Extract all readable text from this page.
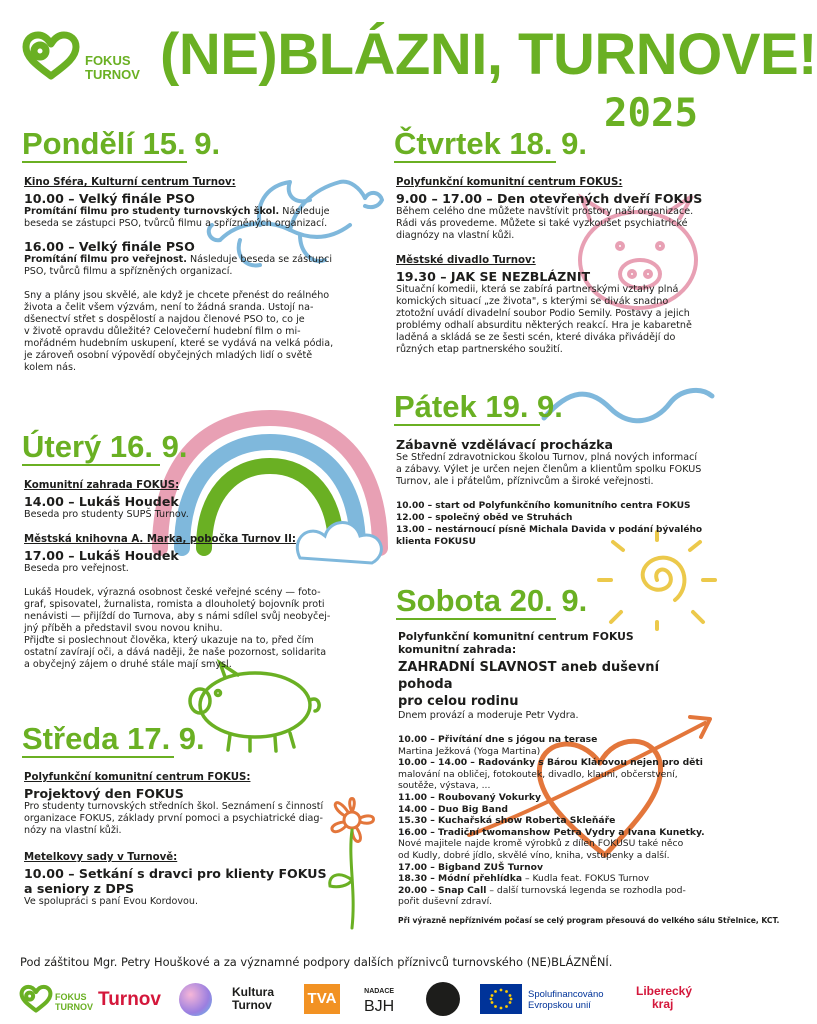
FOKUS
TURNOV (NE)BLÁZNI, TURNOVE!
2025
Pondělí 15. 9.
Kino Sféra, Kulturní centrum Turnov:
10.00 – Velký finále PSO
Promítání filmu pro studenty turnovských škol. Následuje
beseda se zástupci PSO, tvůrců filmu a spřízněných organizací.
16.00 – Velký finále PSO
Promítání filmu pro veřejnost. Následuje beseda se zástupci
PSO, tvůrců filmu a spřízněných organizací.
Sny a plány jsou skvělé, ale když je chcete přenést do reálného
života a čelit všem výzvám, není to žádná sranda. Ustojí na-
dšenectví střet s dospělostí a najdou členové PSO to, co je
v životě opravdu důležité? Celovečerní hudební film o mi-
mořádném hudebním uskupení, které se vydává na velká pódia,
je zároveň osobní výpovědí obyčejných mladých lidí o světě
kolem nás.
Úterý 16. 9.
Komunitní zahrada FOKUS:
14.00 – Lukáš Houdek
Beseda pro studenty SUPŠ Turnov.
Městská knihovna A. Marka, pobočka Turnov II:
17.00 – Lukáš Houdek
Beseda pro veřejnost.
Lukáš Houdek, výrazná osobnost české veřejné scény — foto-
graf, spisovatel, žurnalista, romista a dlouholetý bojovník proti
nenávisti — přijíždí do Turnova, aby s námi sdílel svůj neobyčej-
jný příběh a představil svou novou knihu.
Přijďte si poslechnout člověka, který ukazuje na to, před čím
ostatní zavírají oči, a dává naději, že naše pozornost, solidarita
a obyčejný zájem o druhé stále mají smysl.
Středa 17. 9.
Polyfunkční komunitní centrum FOKUS:
Projektový den FOKUS
Pro studenty turnovských středních škol. Seznámení s činností
organizace FOKUS, základy první pomoci a psychiatrické diag-
nózy na vlastní kůži.
Metelkovy sady v Turnově:
10.00 – Setkání s dravci pro klienty FOKUS
a seniory z DPS
Ve spolupráci s paní Evou Kordovou.
Čtvrtek 18. 9.
Polyfunkční komunitní centrum FOKUS:
9.00 – 17.00 – Den otevřených dveří FOKUS
Během celého dne můžete navštívit prostory naší organizace.
Rádi vás provedeme. Můžete si také vyzkoušet psychiatrické
diagnózy na vlastní kůži.
Městské divadlo Turnov:
19.30 – JAK SE NEZBLÁZNIT
Situační komedii, která se zabírá partnerskými vztahy plná
komických situací „ze života", s kterými se divák snadno
ztotožní uvádí divadelní soubor Podio Semily. Postavy a jejich
problémy odhalí absurditu některých reakcí. Hra je kabaretně
laděná a skládá se ze šesti scén, které diváka přivádějí do
různých etap partnerského soužití.
Pátek 19. 9.
Zábavně vzdělávací procházka
Se Střední zdravotnickou školou Turnov, plná nových informací
a zábavy. Výlet je určen nejen členům a klientům spolku FOKUS
Turnov, ale i přátelům, příznivcům a široké veřejnosti.
10.00 – start od Polyfunkčního komunitního centra FOKUS
12.00 – společný oběd ve Struhách
13.00 – nestárnoucí písně Michala Davida v podání bývalého
klienta FOKUSU
Sobota 20. 9.
Polyfunkční komunitní centrum FOKUS
komunitní zahrada:
ZAHRADNÍ SLAVNOST aneb duševní pohoda
pro celou rodinu
Dnem provází a moderuje Petr Vydra.
10.00 – Přivítání dne s jógou na terase
Martina Ježková (Yoga Martina)
10.00 – 14.00 – Radovánky s Bárou Klárovou nejen pro děti
malování na obličej, fotokoutek, divadlo, klauni, občerstvení,
soutěže, výstava, ...
11.00 – Roubovaný Vokurky
14.00 – Duo Big Band
15.30 – Kuchařská show Roberta Skleňáře
16.00 – Tradiční twomanshow Petra Vydry a Ivana Kunetky.
Nové majitele najde kromě výrobků z dílen FOKUSU také něco
od Kudly, dobré jídlo, skvělé víno, kniha, vstupenky a další.
17.00 – Bigband ZUŠ Turnov
18.30 – Módní přehlídka – Kudla feat. FOKUS Turnov
20.00 – Snap Call – další turnovská legenda se rozhodla pod-
pořit duševní zdraví.
Při výrazně nepříznivém počasí se celý program přesouvá do velkého sálu Střelnice, KCT.
Pod záštitou Mgr. Petry Houškové a za významné podpory dalších příznivců turnovského (NE)BLÁZNĚNÍ.
FOKUS
TURNOV Turnov	Kultura
Turnov TVA	NADACE
BJH
Spolufinancováno
Evropskou unií
Liberecký
kraj
